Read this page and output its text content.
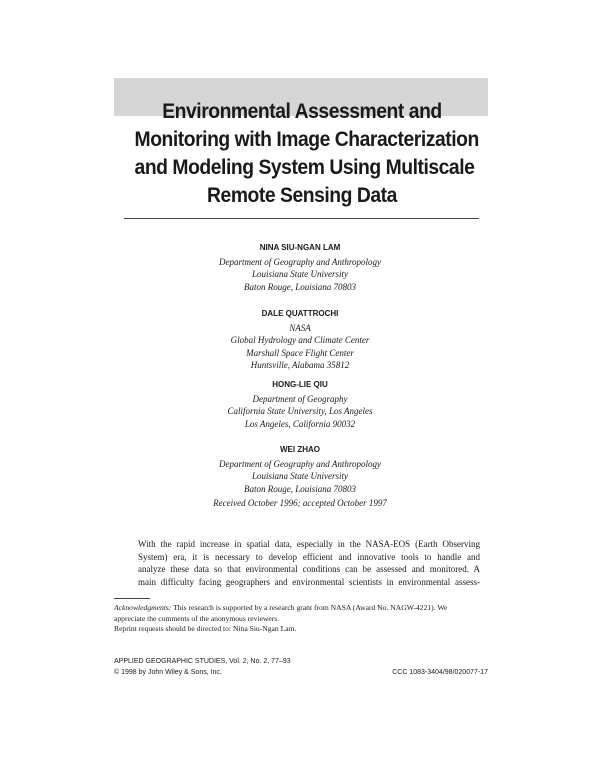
Environmental Assessment and
Monitoring with Image Characterization
and Modeling System Using Multiscale
Remote Sensing Data
NINA SIU-NGAN LAM
Department of Geography and Anthropology
Louisiana State University
Baton Rouge, Louisiana 70803
DALE QUATTROCHI
NASA
Global Hydrology and Climate Center
Marshall Space Flight Center
Huntsville, Alabama 35812
HONG-LIE QIU
Department of Geography
California State University, Los Angeles
Los Angeles, California 90032
WEI ZHAO
Department of Geography and Anthropology
Louisiana State University
Baton Rouge, Louisiana 70803
Received October 1996; accepted October 1997
With the rapid increase in spatial data, especially in the NASA-EOS (Earth Observing
System) era, it is necessary to develop efficient and innovative tools to handle and
analyze these data so that environmental conditions can be assessed and monitored. A
main difficulty facing geographers and environmental scientists in environmental assess-
Acknowledgments: This research is supported by a research grant from NASA (Award No. NAGW-4221). We
appreciate the comments of the anonymous reviewers.
Reprint requests should be directed to: Nina Siu-Ngan Lam.
APPLIED GEOGRAPHIC STUDIES, Vol. 2, No. 2, 77–93
© 1998 by John Wiley & Sons, Inc.	CCC 1083-3404/98/020077-17
